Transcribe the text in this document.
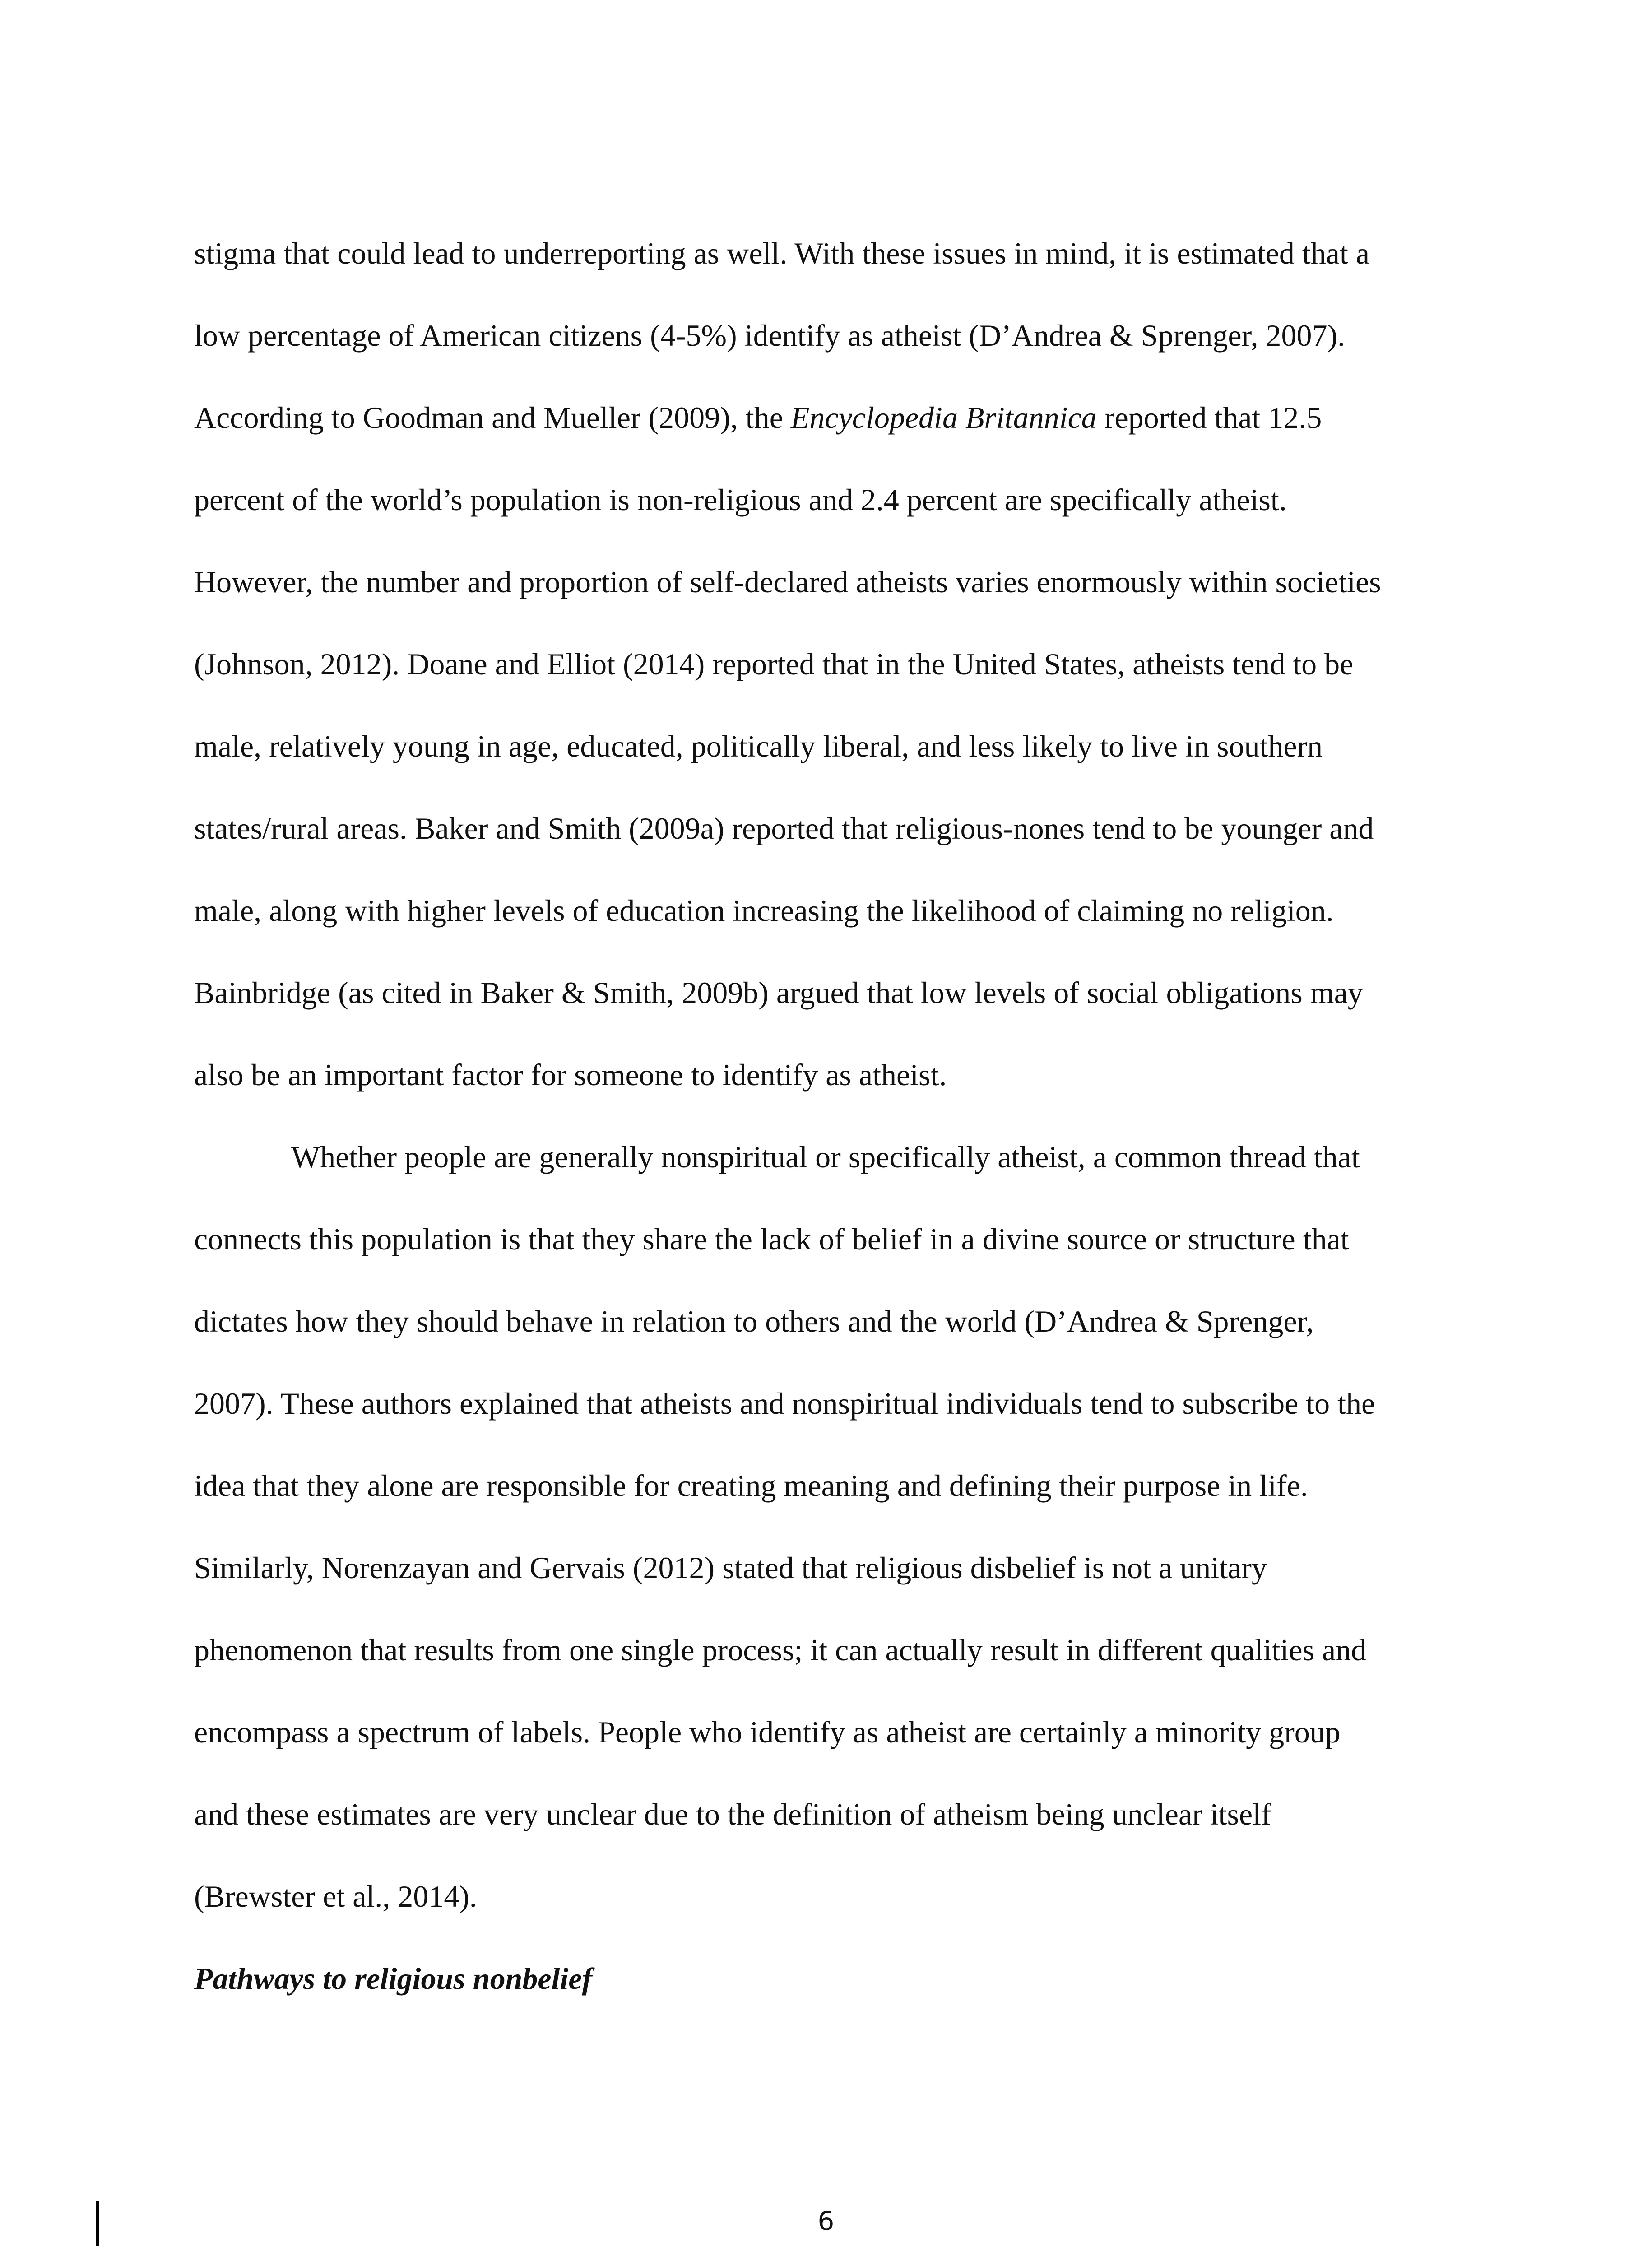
stigma that could lead to underreporting as well. With these issues in mind, it is estimated that a
low percentage of American citizens (4-5%) identify as atheist (D’Andrea & Sprenger, 2007).
According to Goodman and Mueller (2009), the Encyclopedia Britannica reported that 12.5
percent of the world’s population is non-religious and 2.4 percent are specifically atheist.
However, the number and proportion of self-declared atheists varies enormously within societies
(Johnson, 2012). Doane and Elliot (2014) reported that in the United States, atheists tend to be
male, relatively young in age, educated, politically liberal, and less likely to live in southern
states/rural areas. Baker and Smith (2009a) reported that religious-nones tend to be younger and
male, along with higher levels of education increasing the likelihood of claiming no religion.
Bainbridge (as cited in Baker & Smith, 2009b) argued that low levels of social obligations may
also be an important factor for someone to identify as atheist.
Whether people are generally nonspiritual or specifically atheist, a common thread that
connects this population is that they share the lack of belief in a divine source or structure that
dictates how they should behave in relation to others and the world (D’Andrea & Sprenger,
2007). These authors explained that atheists and nonspiritual individuals tend to subscribe to the
idea that they alone are responsible for creating meaning and defining their purpose in life.
Similarly, Norenzayan and Gervais (2012) stated that religious disbelief is not a unitary
phenomenon that results from one single process; it can actually result in different qualities and
encompass a spectrum of labels. People who identify as atheist are certainly a minority group
and these estimates are very unclear due to the definition of atheism being unclear itself
(Brewster et al., 2014).
Pathways to religious nonbelief
6
